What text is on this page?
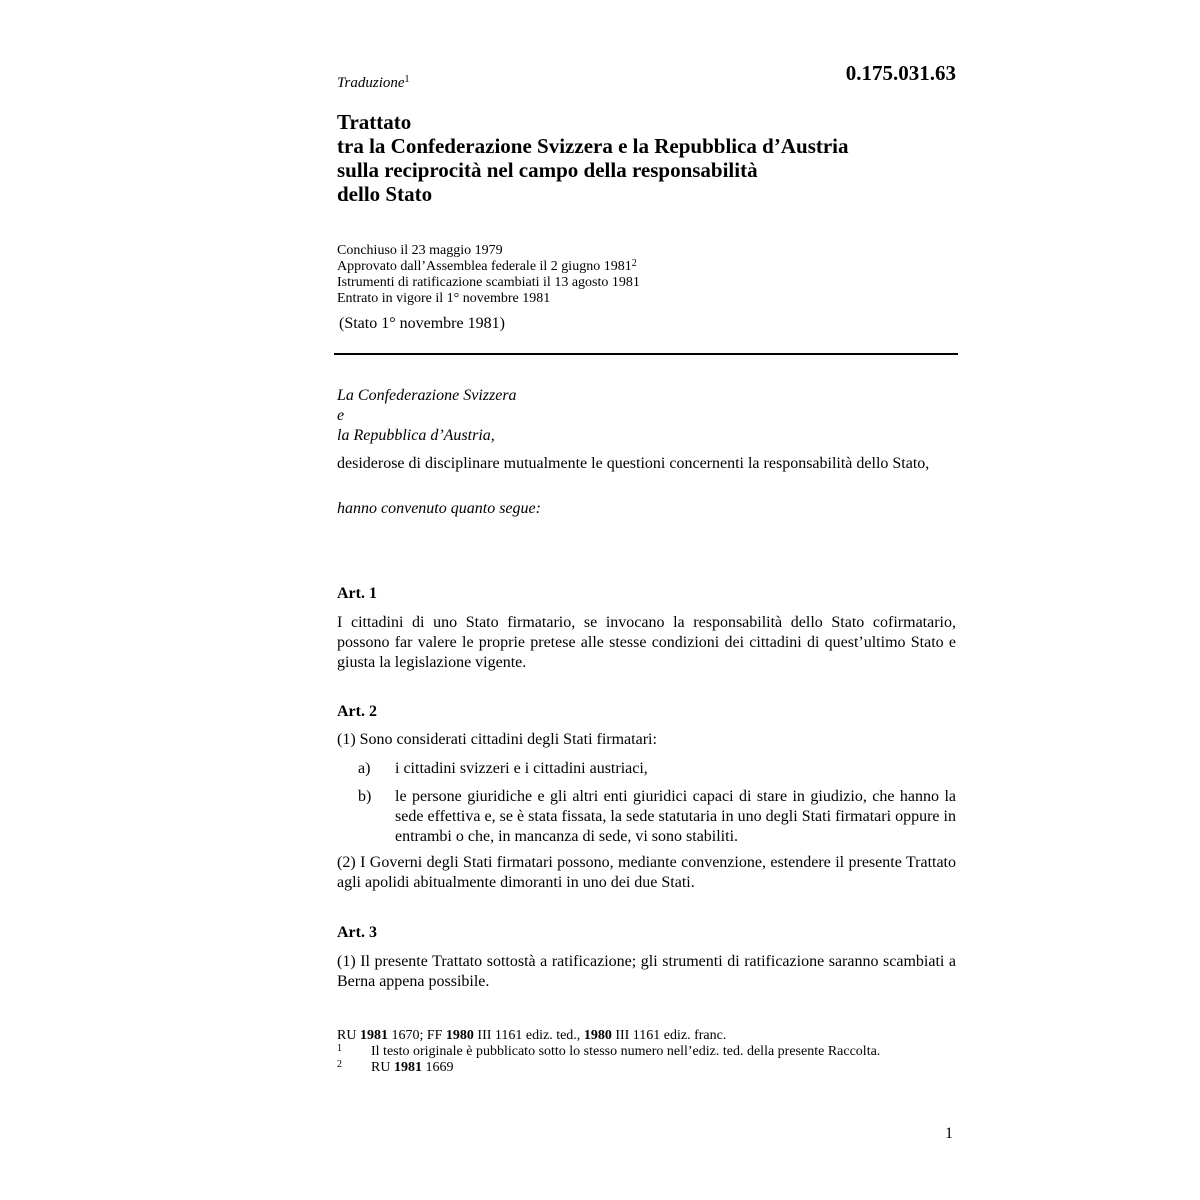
0.175.031.63
Traduzione$^1$
Trattato
tra la Confederazione Svizzera e la Repubblica d’Austria
sulla reciprocità nel campo della responsabilità
dello Stato
Conchiuso il 23 maggio 1979
Approvato dall’Assemblea federale il 2 giugno 1981$^2$
Istrumenti di ratificazione scambiati il 13 agosto 1981
Entrato in vigore il 1° novembre 1981
(Stato 1° novembre 1981)
La Confederazione Svizzera
e
la Repubblica d’Austria,
desiderose di disciplinare mutualmente le questioni concernenti la responsabilità dello Stato,
hanno convenuto quanto segue:
Art. 1
I cittadini di uno Stato firmatario, se invocano la responsabilità dello Stato cofirmatario, possono far valere le proprie pretese alle stesse condizioni dei cittadini di quest’ultimo Stato e giusta la legislazione vigente.
Art. 2
(1) Sono considerati cittadini degli Stati firmatari:
a) i cittadini svizzeri e i cittadini austriaci,
b) le persone giuridiche e gli altri enti giuridici capaci di stare in giudizio, che hanno la sede effettiva e, se è stata fissata, la sede statutaria in uno degli Stati firmatari oppure in entrambi o che, in mancanza di sede, vi sono stabiliti.
(2) I Governi degli Stati firmatari possono, mediante convenzione, estendere il presente Trattato agli apolidi abitualmente dimoranti in uno dei due Stati.
Art. 3
(1) Il presente Trattato sottostà a ratificazione; gli strumenti di ratificazione saranno scambiati a Berna appena possibile.
RU 1981 1670; FF 1980 III 1161 ediz. ted., 1980 III 1161 ediz. franc.
1 Il testo originale è pubblicato sotto lo stesso numero nell’ediz. ted. della presente Raccolta.
2 RU 1981 1669
1
